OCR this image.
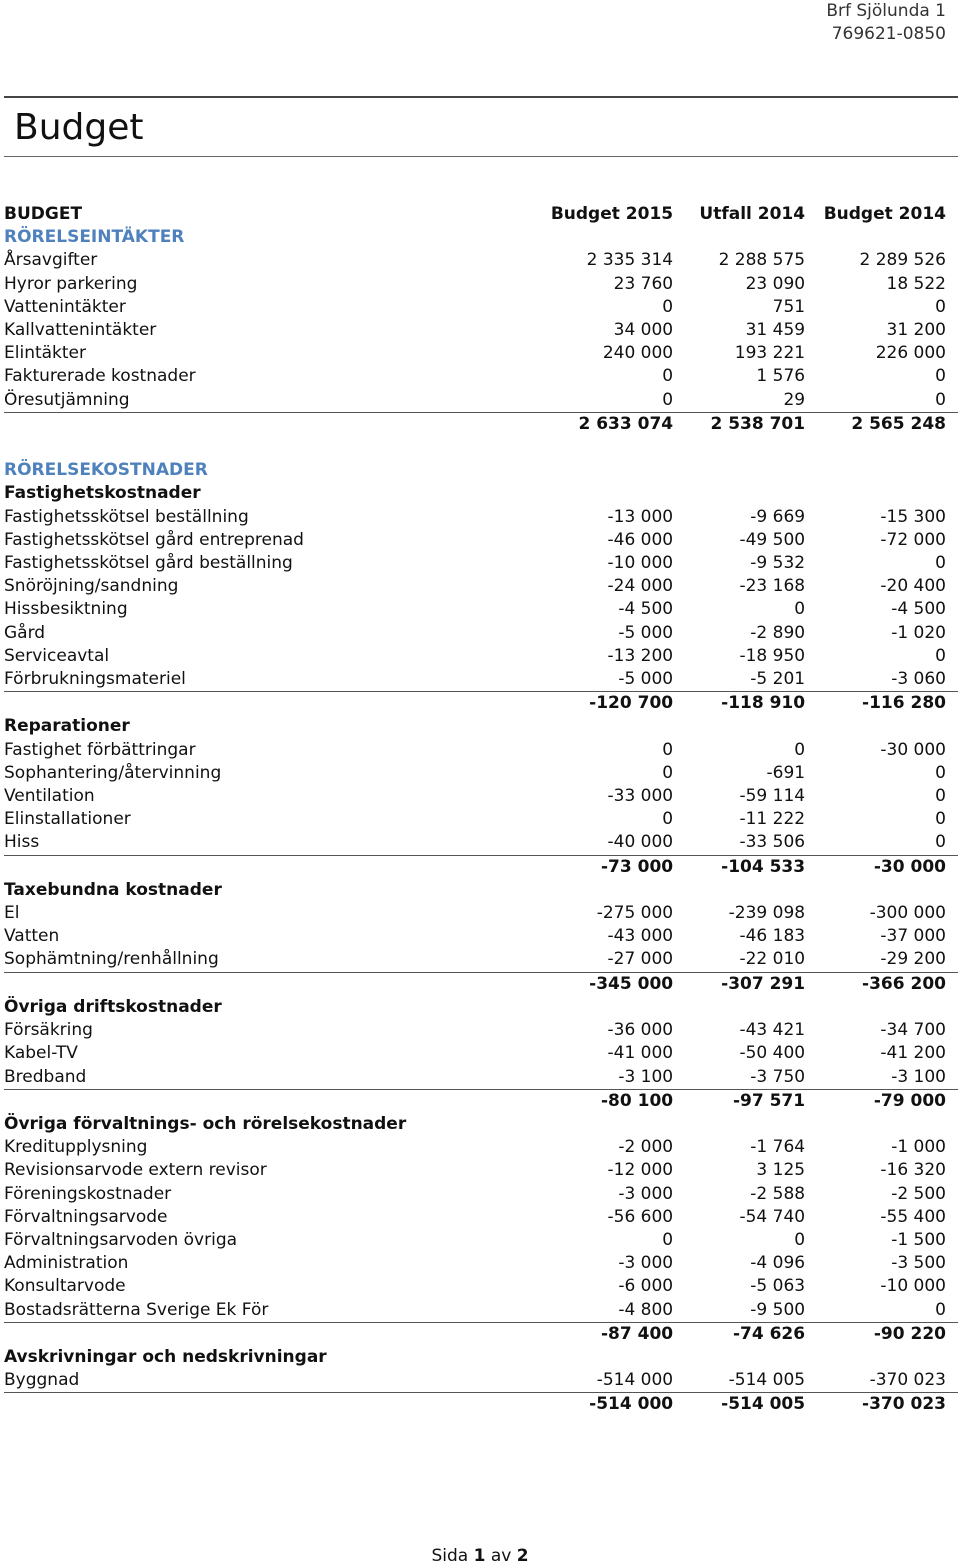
Brf Sjölunda 1
769621-0850
Budget
BUDGET	Budget 2015	Utfall 2014	Budget 2014
RÖRELSEINTÄKTER			
Årsavgifter	2 335 314	2 288 575	2 289 526
Hyror parkering	23 760	23 090	18 522
Vattenintäkter	0	751	0
Kallvattenintäkter	34 000	31 459	31 200
Elintäkter	240 000	193 221	226 000
Fakturerade kostnader	0	1 576	0
Öresutjämning	0	29	0
	2 633 074	2 538 701	2 565 248

RÖRELSEKOSTNADER			
Fastighetskostnader			
Fastighetsskötsel beställning	-13 000	-9 669	-15 300
Fastighetsskötsel gård entreprenad	-46 000	-49 500	-72 000
Fastighetsskötsel gård beställning	-10 000	-9 532	0
Snöröjning/sandning	-24 000	-23 168	-20 400
Hissbesiktning	-4 500	0	-4 500
Gård	-5 000	-2 890	-1 020
Serviceavtal	-13 200	-18 950	0
Förbrukningsmateriel	-5 000	-5 201	-3 060
	-120 700	-118 910	-116 280
Reparationer			
Fastighet förbättringar	0	0	-30 000
Sophantering/återvinning	0	-691	0
Ventilation	-33 000	-59 114	0
Elinstallationer	0	-11 222	0
Hiss	-40 000	-33 506	0
	-73 000	-104 533	-30 000
Taxebundna kostnader			
El	-275 000	-239 098	-300 000
Vatten	-43 000	-46 183	-37 000
Sophämtning/renhållning	-27 000	-22 010	-29 200
	-345 000	-307 291	-366 200
Övriga driftskostnader			
Försäkring	-36 000	-43 421	-34 700
Kabel-TV	-41 000	-50 400	-41 200
Bredband	-3 100	-3 750	-3 100
	-80 100	-97 571	-79 000
Övriga förvaltnings- och rörelsekostnader			
Kreditupplysning	-2 000	-1 764	-1 000
Revisionsarvode extern revisor	-12 000	3 125	-16 320
Föreningskostnader	-3 000	-2 588	-2 500
Förvaltningsarvode	-56 600	-54 740	-55 400
Förvaltningsarvoden övriga	0	0	-1 500
Administration	-3 000	-4 096	-3 500
Konsultarvode	-6 000	-5 063	-10 000
Bostadsrätterna Sverige Ek För	-4 800	-9 500	0
	-87 400	-74 626	-90 220
Avskrivningar och nedskrivningar			
Byggnad	-514 000	-514 005	-370 023
	-514 000	-514 005	-370 023
Sida 1 av 2
